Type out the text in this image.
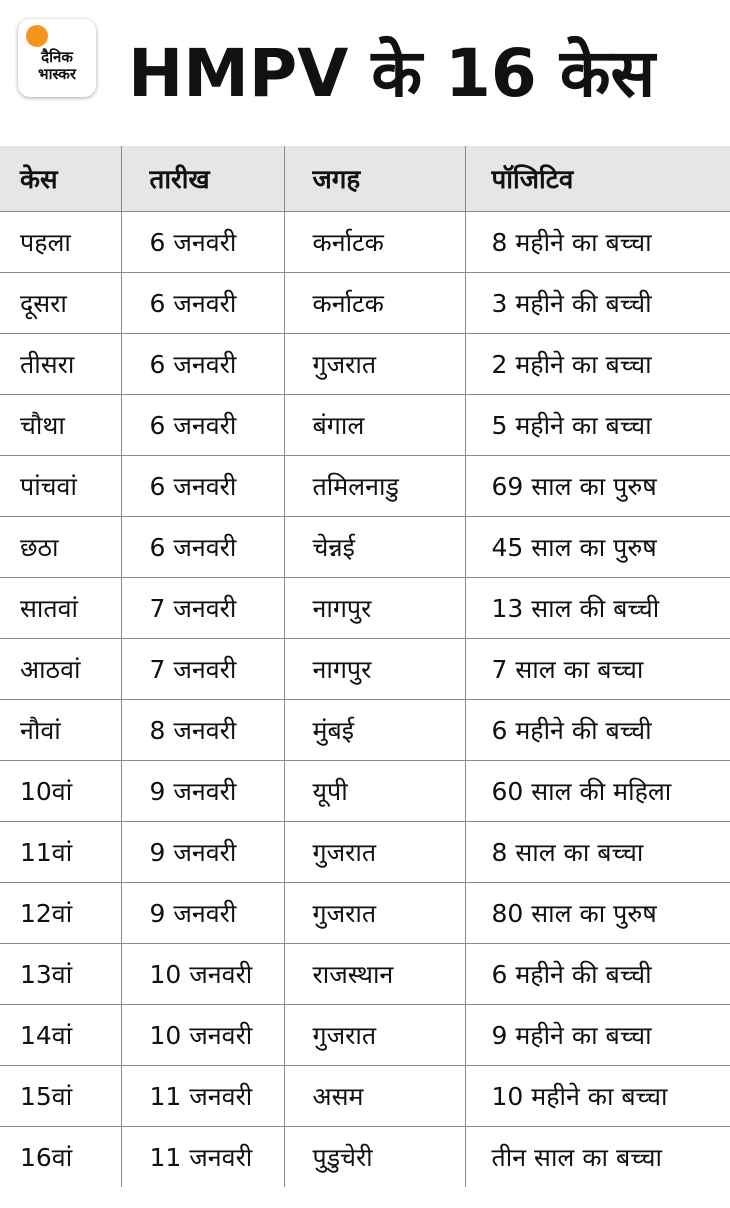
दैनिक
भास्कर HMPV के 16 केस
केस	तारीख	जगह	पॉजिटिव
पहला	6 जनवरी	कर्नाटक	8 महीने का बच्चा
दूसरा	6 जनवरी	कर्नाटक	3 महीने की बच्ची
तीसरा	6 जनवरी	गुजरात	2 महीने का बच्चा
चौथा	6 जनवरी	बंगाल	5 महीने का बच्चा
पांचवां	6 जनवरी	तमिलनाडु	69 साल का पुरुष
छठा	6 जनवरी	चेन्नई	45 साल का पुरुष
सातवां	7 जनवरी	नागपुर	13 साल की बच्ची
आठवां	7 जनवरी	नागपुर	7 साल का बच्चा
नौवां	8 जनवरी	मुंबई	6 महीने की बच्ची
10वां	9 जनवरी	यूपी	60 साल की महिला
11वां	9 जनवरी	गुजरात	8 साल का बच्चा
12वां	9 जनवरी	गुजरात	80 साल का पुरुष
13वां	10 जनवरी	राजस्थान	6 महीने की बच्ची
14वां	10 जनवरी	गुजरात	9 महीने का बच्चा
15वां	11 जनवरी	असम	10 महीने का बच्चा
16वां	11 जनवरी	पुडुचेरी	तीन साल का बच्चा
